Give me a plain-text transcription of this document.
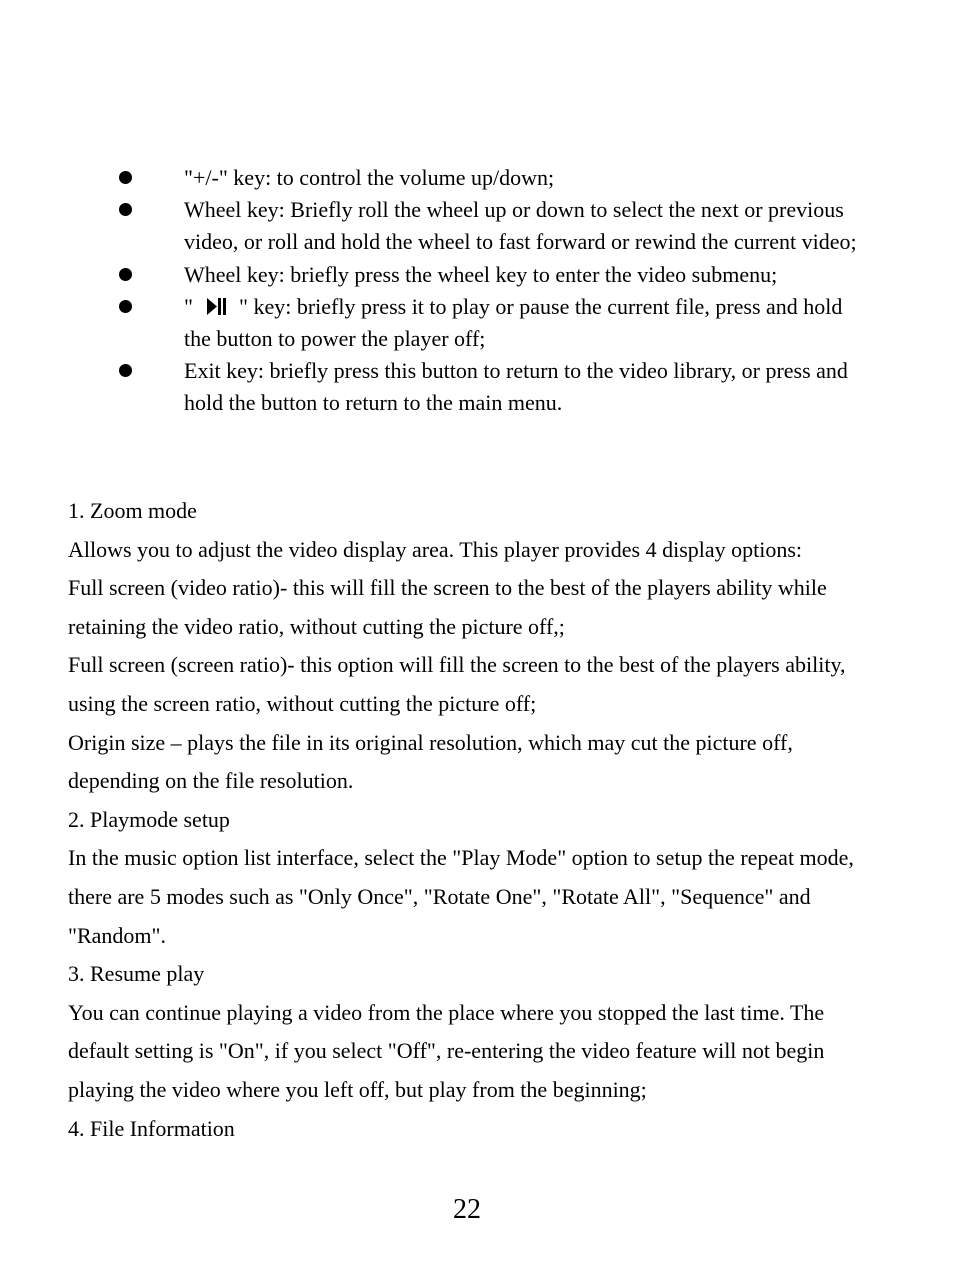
"+/-" key: to control the volume up/down;
Wheel key: Briefly roll the wheel up or down to select the next or previous video, or roll and hold the wheel to fast forward or rewind the current video;
Wheel key: briefly press the wheel key to enter the video submenu;
" " key: briefly press it to play or pause the current file, press and hold the button to power the player off;
Exit key: briefly press this button to return to the video library, or press and hold the button to return to the main menu.
1. Zoom mode

Allows you to adjust the video display area. This player provides 4 display options:

Full screen (video ratio)- this will fill the screen to the best of the players ability while retaining the video ratio, without cutting the picture off,;

Full screen (screen ratio)- this option will fill the screen to the best of the players ability, using the screen ratio, without cutting the picture off;

Origin size – plays the file in its original resolution, which may cut the picture off, depending on the file resolution.

2. Playmode setup

In the music option list interface, select the "Play Mode" option to setup the repeat mode, there are 5 modes such as "Only Once", "Rotate One", "Rotate All", "Sequence" and "Random".

3. Resume play

You can continue playing a video from the place where you stopped the last time. The default setting is "On", if you select "Off", re-entering the video feature will not begin playing the video where you left off, but play from the beginning;

4. File Information
22
